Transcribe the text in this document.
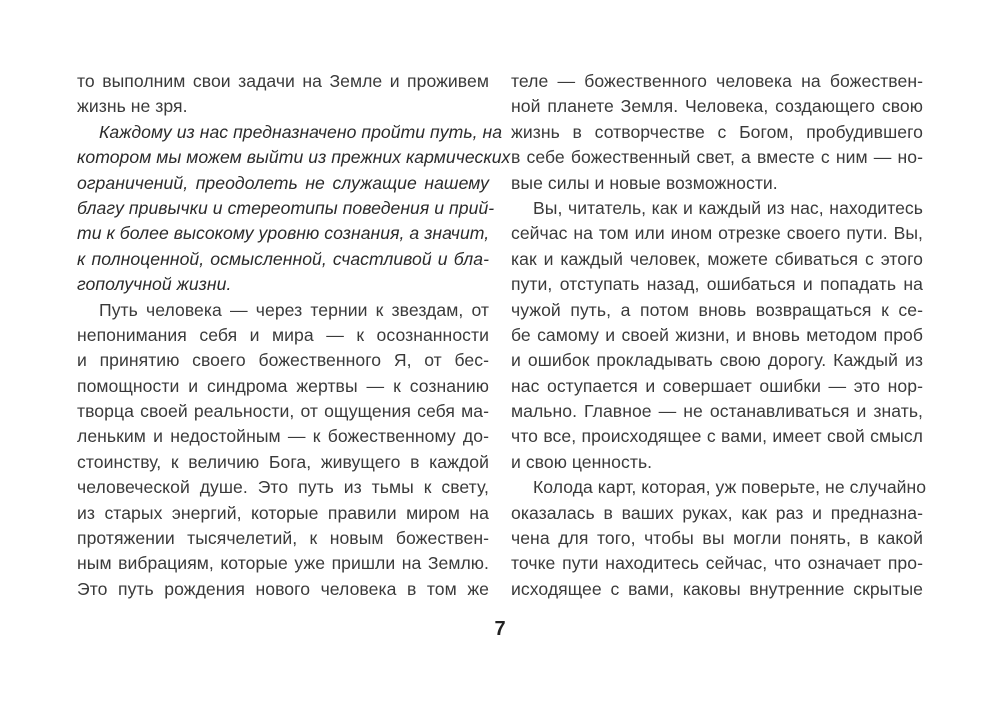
то выполним свои задачи на Земле и проживем
жизнь не зря.
Каждому из нас предназначено пройти путь, на
котором мы можем выйти из прежних кармических
ограничений, преодолеть не служащие нашему
благу привычки и стереотипы поведения и прий-
ти к более высокому уровню сознания, а значит,
к полноценной, осмысленной, счастливой и бла-
гополучной жизни.
Путь человека — через тернии к звездам, от
непонимания себя и мира — к осознанности
и принятию своего божественного Я, от бес-
помощности и синдрома жертвы — к сознанию
творца своей реальности, от ощущения себя ма-
леньким и недостойным — к божественному до-
стоинству, к величию Бога, живущего в каждой
человеческой душе. Это путь из тьмы к свету,
из старых энергий, которые правили миром на
протяжении тысячелетий, к новым божествен-
ным вибрациям, которые уже пришли на Землю.
Это путь рождения нового человека в том же
теле — божественного человека на божествен-
ной планете Земля. Человека, создающего свою
жизнь в сотворчестве с Богом, пробудившего
в себе божественный свет, а вместе с ним — но-
вые силы и новые возможности.
Вы, читатель, как и каждый из нас, находитесь
сейчас на том или ином отрезке своего пути. Вы,
как и каждый человек, можете сбиваться с этого
пути, отступать назад, ошибаться и попадать на
чужой путь, а потом вновь возвращаться к се-
бе самому и своей жизни, и вновь методом проб
и ошибок прокладывать свою дорогу. Каждый из
нас оступается и совершает ошибки — это нор-
мально. Главное — не останавливаться и знать,
что все, происходящее с вами, имеет свой смысл
и свою ценность.
Колода карт, которая, уж поверьте, не случайно
оказалась в ваших руках, как раз и предназна-
чена для того, чтобы вы могли понять, в какой
точке пути находитесь сейчас, что означает про-
исходящее с вами, каковы внутренние скрытые
7
